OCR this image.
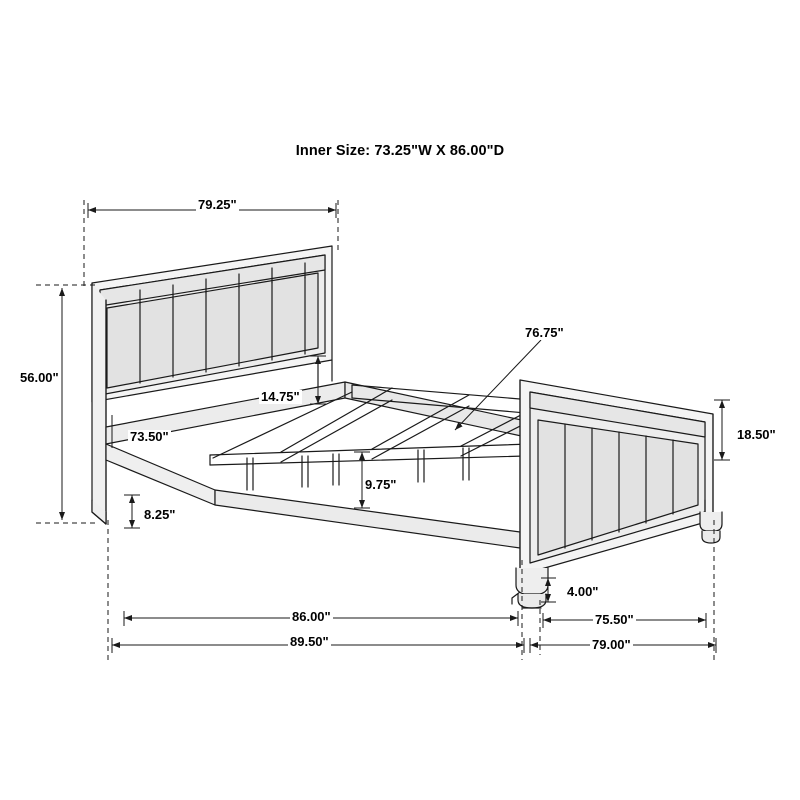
Inner Size: 73.25"W X 86.00"D
79.25"
56.00"
76.75"
14.75"
73.50"	18.50"
9.75"
8.25"
4.00"
86.00"	75.50"
89.50"	79.00"
